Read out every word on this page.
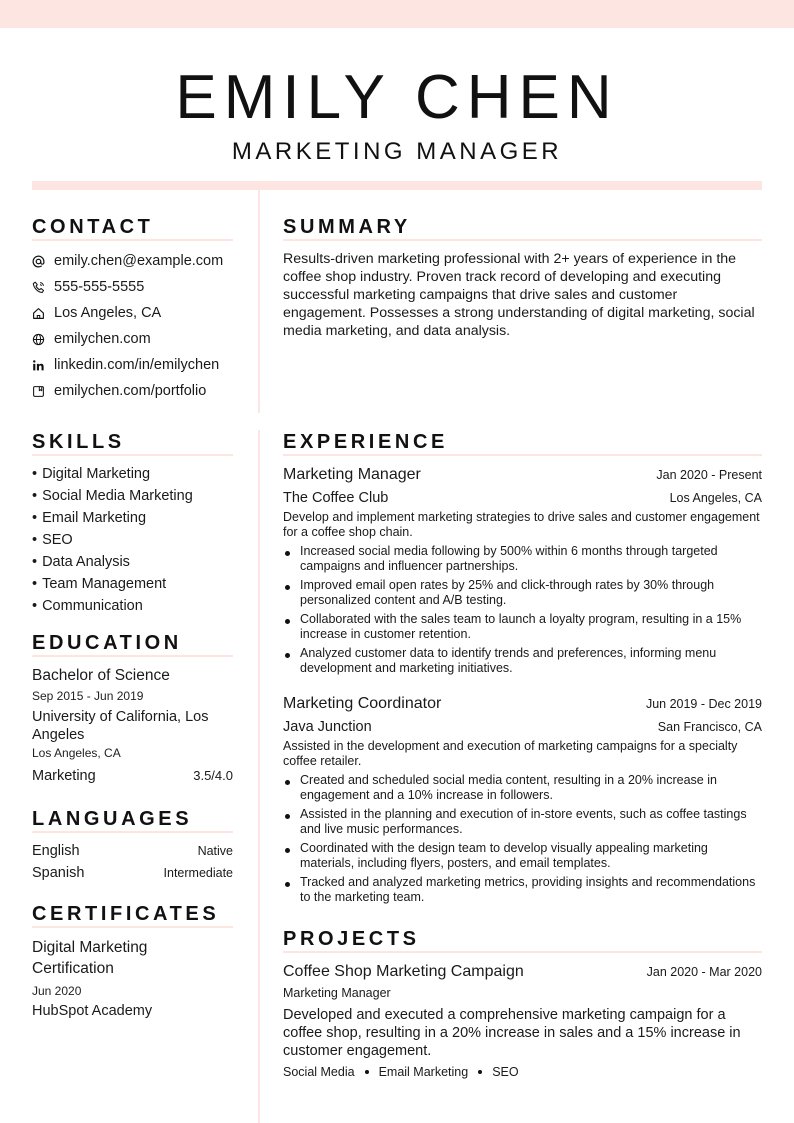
EMILY CHEN
MARKETING MANAGER
CONTACT
emily.chen@example.com
555-555-5555
Los Angeles, CA
emilychen.com
linkedin.com/in/emilychen
emilychen.com/portfolio
SUMMARY

Results-driven marketing professional with 2+ years of experience in the coffee shop industry. Proven track record of developing and executing successful marketing campaigns that drive sales and customer engagement. Possesses a strong understanding of digital marketing, social media marketing, and data analysis.

SKILLS
• Digital Marketing
• Social Media Marketing
• Email Marketing
• SEO
• Data Analysis
• Team Management
• Communication
EDUCATION
Bachelor of Science
Sep 2015 - Jun 2019
University of California, Los Angeles
Los Angeles, CA
Marketing	3.5/4.0
LANGUAGES
English	Native
Spanish	Intermediate
CERTIFICATES
Digital Marketing Certification
Jun 2020
HubSpot Academy
EXPERIENCE
Marketing Manager	Jan 2020 - Present
The Coffee Club	Los Angeles, CA

Develop and implement marketing strategies to drive sales and customer engagement for a coffee shop chain.

Increased social media following by 500% within 6 months through targeted campaigns and influencer partnerships.
Improved email open rates by 25% and click-through rates by 30% through personalized content and A/B testing.
Collaborated with the sales team to launch a loyalty program, resulting in a 15% increase in customer retention.
Analyzed customer data to identify trends and preferences, informing menu development and marketing initiatives.
Marketing Coordinator	Jun 2019 - Dec 2019
Java Junction	San Francisco, CA

Assisted in the development and execution of marketing campaigns for a specialty coffee retailer.

Created and scheduled social media content, resulting in a 20% increase in engagement and a 10% increase in followers.
Assisted in the planning and execution of in-store events, such as coffee tastings and live music performances.
Coordinated with the design team to develop visually appealing marketing materials, including flyers, posters, and email templates.
Tracked and analyzed marketing metrics, providing insights and recommendations to the marketing team.
PROJECTS
Coffee Shop Marketing Campaign	Jan 2020 - Mar 2020
Marketing Manager

Developed and executed a comprehensive marketing campaign for a coffee shop, resulting in a 20% increase in sales and a 15% increase in customer engagement.

Social Media Email Marketing SEO
